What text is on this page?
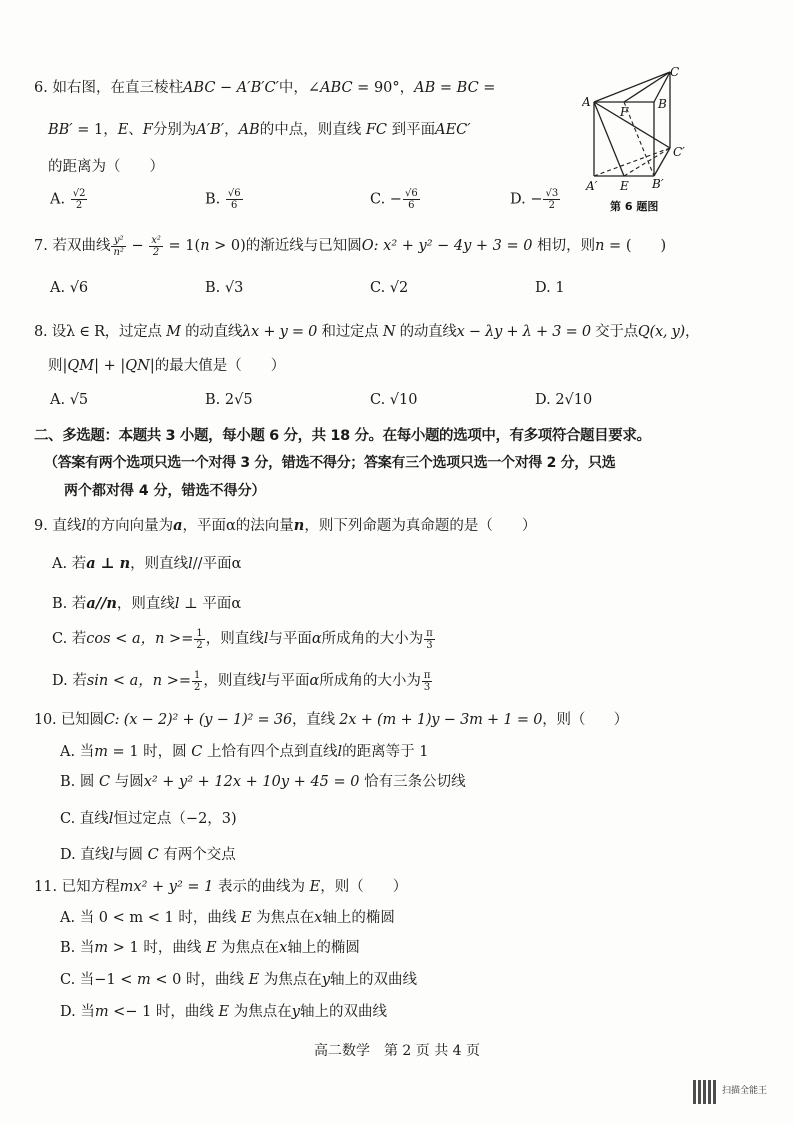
6. 如右图，在直三棱柱ABC − A′B′C′中，∠ABC = 90°，AB = BC =
BB′ = 1，E、F分别为A′B′，AB的中点，则直线 FC 到平面AEC′
的距离为（　　）
A. $\frac{√2}{2}$	B. $\frac{√6}{6}$	C. − $\frac{√6}{6}$	D. − $\frac{√3}{2}$
A	B
C
F
C′
A′ E B′
第 6 题图
7. 若双曲线 $\frac{\text{y²}}{\text{n²}} - \frac{\text{x²}}{2} = 1(n > 0)$的渐近线与已知圆O: x² + y² − 4y + 3 = 0 相切，则n = (　　)
A. √6	B. √3	C. √2	D. 1
8. 设λ ∈ R，过定点 M 的动直线λx + y = 0 和过定点 N 的动直线x − λy + λ + 3 = 0 交于点Q(x, y)，
则|QM| + |QN|的最大值是（　　）
A. √5	B. 2√5	C. √10	D. 2√10
二、多选题：本题共 3 小题，每小题 6 分，共 18 分。在每小题的选项中，有多项符合题目要求。
（答案有两个选项只选一个对得 3 分，错选不得分；答案有三个选项只选一个对得 2 分，只选
两个都对得 4 分，错选不得分）
9. 直线l的方向向量为a，平面α的法向量n，则下列命题为真命题的是（　　）
A. 若a ⊥ n，则直线l//平面α
B. 若a//n，则直线l ⊥ 平面α
C. 若cos < a，$n >= \frac{1}{2}$ ，则直线l与平面α所成角的大小为 $\frac{\pi}{3}$
D. 若sin < a，$n >= \frac{1}{2}$ ，则直线l与平面α所成角的大小为 $\frac{\pi}{3}$
10. 已知圆C: (x − 2)² + (y − 1)² = 36，直线 2x + (m + 1)y − 3m + 1 = 0，则（　　）
A. 当m = 1 时，圆 C 上恰有四个点到直线l的距离等于 1
B. 圆 C 与圆x² + y² + 12x + 10y + 45 = 0 恰有三条公切线
C. 直线l恒过定点（−2，3)
D. 直线l与圆 C 有两个交点
11. 已知方程mx² + y² = 1 表示的曲线为 E，则（　　）
A. 当 0 < m < 1 时，曲线 E 为焦点在x轴上的椭圆
B. 当m > 1 时，曲线 E 为焦点在x轴上的椭圆
C. 当−1 < m < 0 时，曲线 E 为焦点在y轴上的双曲线
D. 当m <− 1 时，曲线 E 为焦点在y轴上的双曲线
高二数学　第 2 页 共 4 页
扫描全能王
